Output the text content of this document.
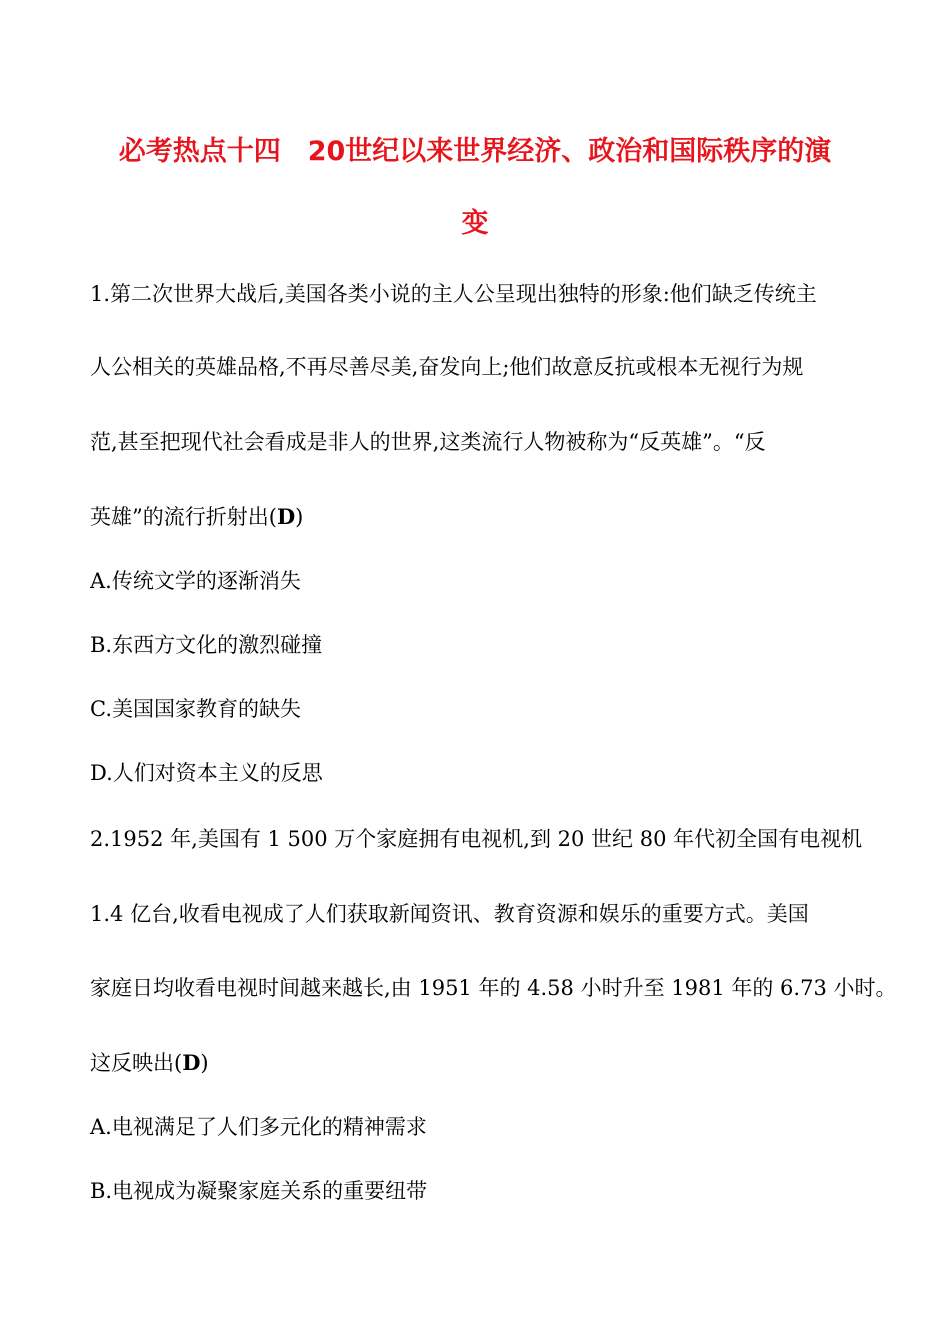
必考热点十四　20世纪以来世界经济、政治和国际秩序的演
变
1.第二次世界大战后,美国各类小说的主人公呈现出独特的形象:他们缺乏传统主
人公相关的英雄品格,不再尽善尽美,奋发向上;他们故意反抗或根本无视行为规
范,甚至把现代社会看成是非人的世界,这类流行人物被称为“反英雄”。“反
英雄”的流行折射出(D)
A.传统文学的逐渐消失
B.东西方文化的激烈碰撞
C.美国国家教育的缺失
D.人们对资本主义的反思
2.1952 年,美国有 1 500 万个家庭拥有电视机,到 20 世纪 80 年代初全国有电视机
1.4 亿台,收看电视成了人们获取新闻资讯、教育资源和娱乐的重要方式。美国
家庭日均收看电视时间越来越长,由 1951 年的 4.58 小时升至 1981 年的 6.73 小时。
这反映出(D)
A.电视满足了人们多元化的精神需求
B.电视成为凝聚家庭关系的重要纽带
